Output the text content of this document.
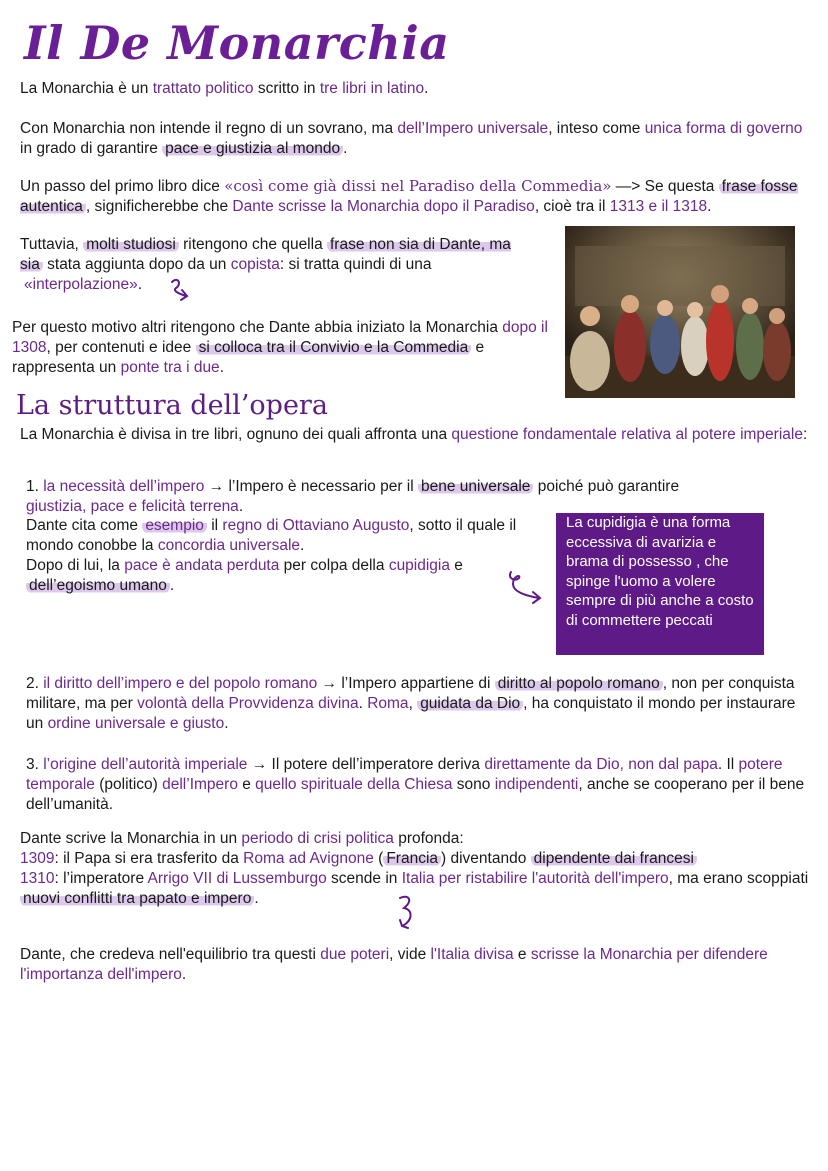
Il De Monarchia
La Monarchia è un trattato politico scritto in tre libri in latino.
Con Monarchia non intende il regno di un sovrano, ma dell’Impero universale, inteso come unica forma di governo in grado di garantire pace e giustizia al mondo .
Un passo del primo libro dice «così come già dissi nel Paradiso della Commedia» —> Se questa frase fosse autentica , significherebbe che Dante scrisse la Monarchia dopo il Paradiso, cioè tra il 1313 e il 1318.
Tuttavia, molti studiosi ritengono che quella frase non sia di Dante, ma sia stata aggiunta dopo da un copista: si tratta quindi di una
«interpolazione».
Per questo motivo altri ritengono che Dante abbia iniziato la Monarchia dopo il 1308, per contenuti e idee si colloca tra il Convivio e la Commedia e rappresenta un ponte tra i due.
La struttura dell’opera
La Monarchia è divisa in tre libri, ognuno dei quali affronta una questione fondamentale relativa al potere imperiale:
1. la necessità dell’impero → l’Impero è necessario per il bene universale poiché può garantire
giustizia, pace e felicità terrena.
Dante cita come esempio il regno di Ottaviano Augusto, sotto il quale il mondo conobbe la concordia universale.
Dopo di lui, la pace è andata perduta per colpa della cupidigia e dell’egoismo umano .
La cupidigia è una forma eccessiva di avarizia e brama di possesso , che spinge l'uomo a volere sempre di più anche a costo di commettere peccati
2. il diritto dell’impero e del popolo romano → l’Impero appartiene di diritto al popolo romano , non per conquista militare, ma per volontà della Provvidenza divina. Roma, guidata da Dio , ha conquistato il mondo per instaurare un ordine universale e giusto.
3. l’origine dell’autorità imperiale → Il potere dell’imperatore deriva direttamente da Dio, non dal papa. Il potere temporale (politico) dell’Impero e quello spirituale della Chiesa sono indipendenti, anche se cooperano per il bene dell’umanità.
Dante scrive la Monarchia in un periodo di crisi politica profonda:
1309: il Papa si era trasferito da Roma ad Avignone ( Francia ) diventando dipendente dai francesi
1310: l’imperatore Arrigo VII di Lussemburgo scende in Italia per ristabilire l'autorità dell'impero, ma erano scoppiati nuovi conflitti tra papato e impero .
Dante, che credeva nell'equilibrio tra questi due poteri, vide l'Italia divisa e scrisse la Monarchia per difendere l'importanza dell'impero.
